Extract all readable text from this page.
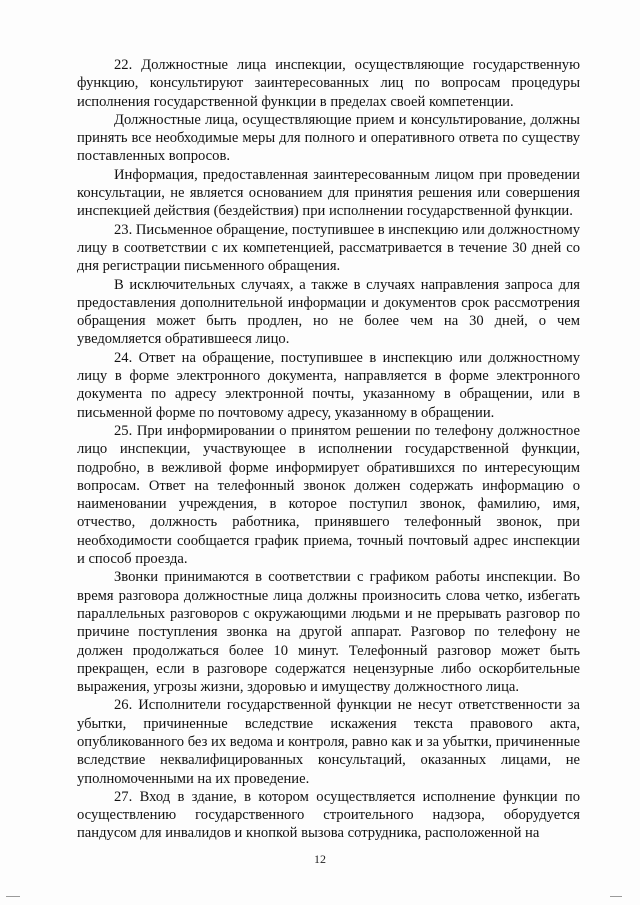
22. Должностные лица инспекции, осуществляющие государственную функцию, консультируют заинтересованных лиц по вопросам процедуры исполнения государственной функции в пределах своей компетенции.

Должностные лица, осуществляющие прием и консультирование, должны принять все необходимые меры для полного и оперативного ответа по существу поставленных вопросов.

Информация, предоставленная заинтересованным лицом при проведении консультации, не является основанием для принятия решения или совершения инспекцией действия (бездействия) при исполнении государственной функции.

23. Письменное обращение, поступившее в инспекцию или должностному лицу в соответствии с их компетенцией, рассматривается в течение 30 дней со дня регистрации письменного обращения.

В исключительных случаях, а также в случаях направления запроса для предоставления дополнительной информации и документов срок рассмотрения обращения может быть продлен, но не более чем на 30 дней, о чем уведомляется обратившееся лицо.

24. Ответ на обращение, поступившее в инспекцию или должностному лицу в форме электронного документа, направляется в форме электронного документа по адресу электронной почты, указанному в обращении, или в письменной форме по почтовому адресу, указанному в обращении.

25. При информировании о принятом решении по телефону должностное лицо инспекции, участвующее в исполнении государственной функции, подробно, в вежливой форме информирует обратившихся по интересующим вопросам. Ответ на телефонный звонок должен содержать информацию о наименовании учреждения, в которое поступил звонок, фамилию, имя, отчество, должность работника, принявшего телефонный звонок, при необходимости сообщается график приема, точный почтовый адрес инспекции и способ проезда.

Звонки принимаются в соответствии с графиком работы инспекции. Во время разговора должностные лица должны произносить слова четко, избегать параллельных разговоров с окружающими людьми и не прерывать разговор по причине поступления звонка на другой аппарат. Разговор по телефону не должен продолжаться более 10 минут. Телефонный разговор может быть прекращен, если в разговоре содержатся нецензурные либо оскорбительные выражения, угрозы жизни, здоровью и имуществу должностного лица.

26. Исполнители государственной функции не несут ответственности за убытки, причиненные вследствие искажения текста правового акта, опубликованного без их ведома и контроля, равно как и за убытки, причиненные вследствие неквалифицированных консультаций, оказанных лицами, не уполномоченными на их проведение.

27. Вход в здание, в котором осуществляется исполнение функции по осуществлению государственного строительного надзора, оборудуется пандусом для инвалидов и кнопкой вызова сотрудника, расположенной на

12
